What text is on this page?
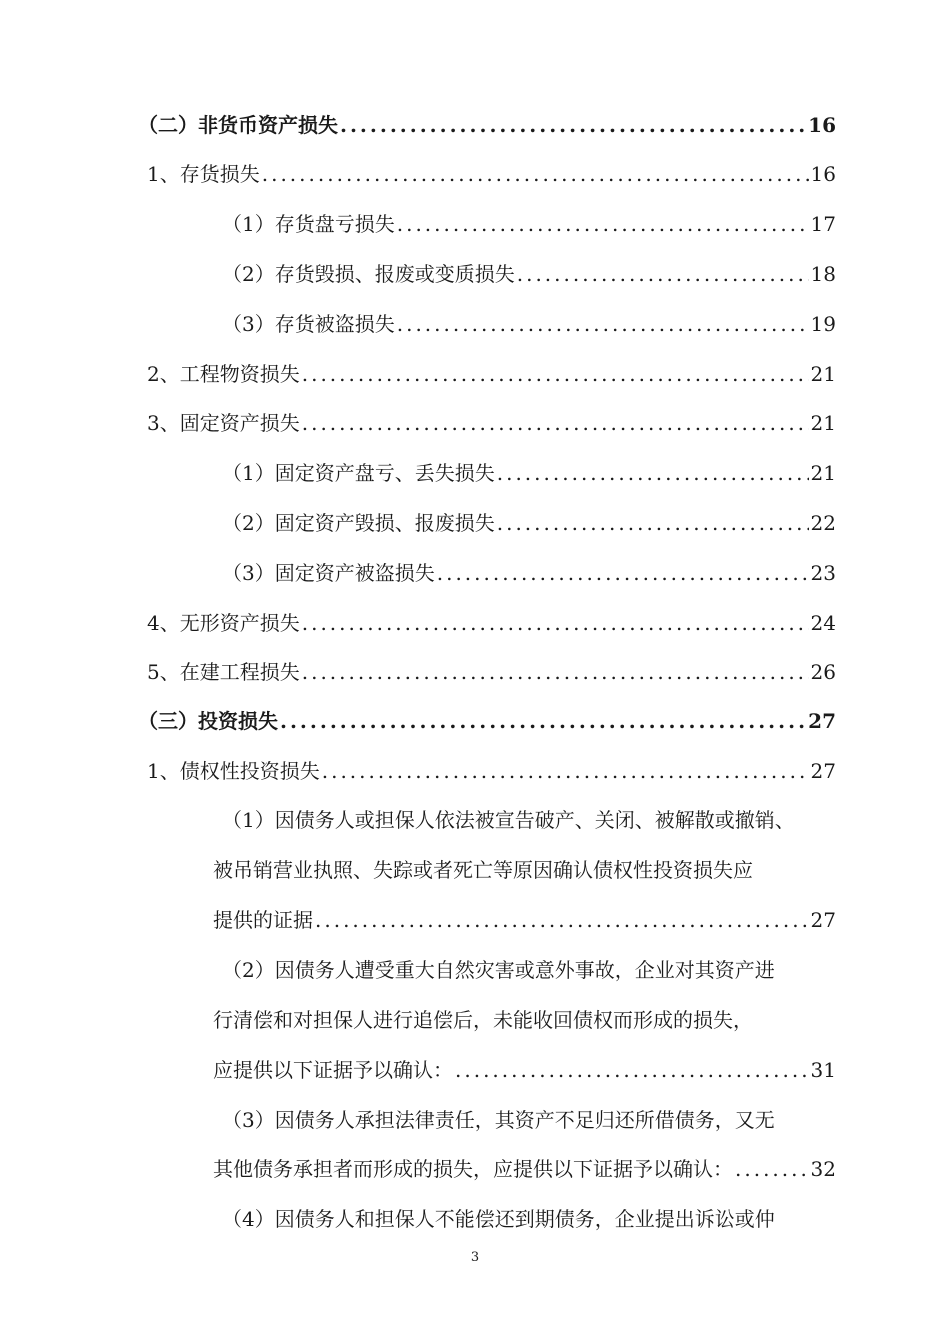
（二）非货币资产损失 .....	16
1、存货损失 .....	16
（1）存货盘亏损失 .....	17
（2）存货毁损、报废或变质损失 .....	18
（3）存货被盗损失 .....	19
2、工程物资损失 .....	21
3、固定资产损失 .....	21
（1）固定资产盘亏、丢失损失 .....	21
（2）固定资产毁损、报废损失 .....	22
（3）固定资产被盗损失 .....	23
4、无形资产损失 .....	24
5、在建工程损失 .....	26
（三）投资损失 .....	27
1、债权性投资损失 .....	27
（1）因债务人或担保人依法被宣告破产、关闭、被解散或撤销、
被吊销营业执照、失踪或者死亡等原因确认债权性投资损失应
提供的证据 .....	27
（2）因债务人遭受重大自然灾害或意外事故，企业对其资产进
行清偿和对担保人进行追偿后，未能收回债权而形成的损失，
应提供以下证据予以确认： .....	31
（3）因债务人承担法律责任，其资产不足归还所借债务，又无
其他债务承担者而形成的损失，应提供以下证据予以确认： .....	32
（4）因债务人和担保人不能偿还到期债务，企业提出诉讼或仲
3
